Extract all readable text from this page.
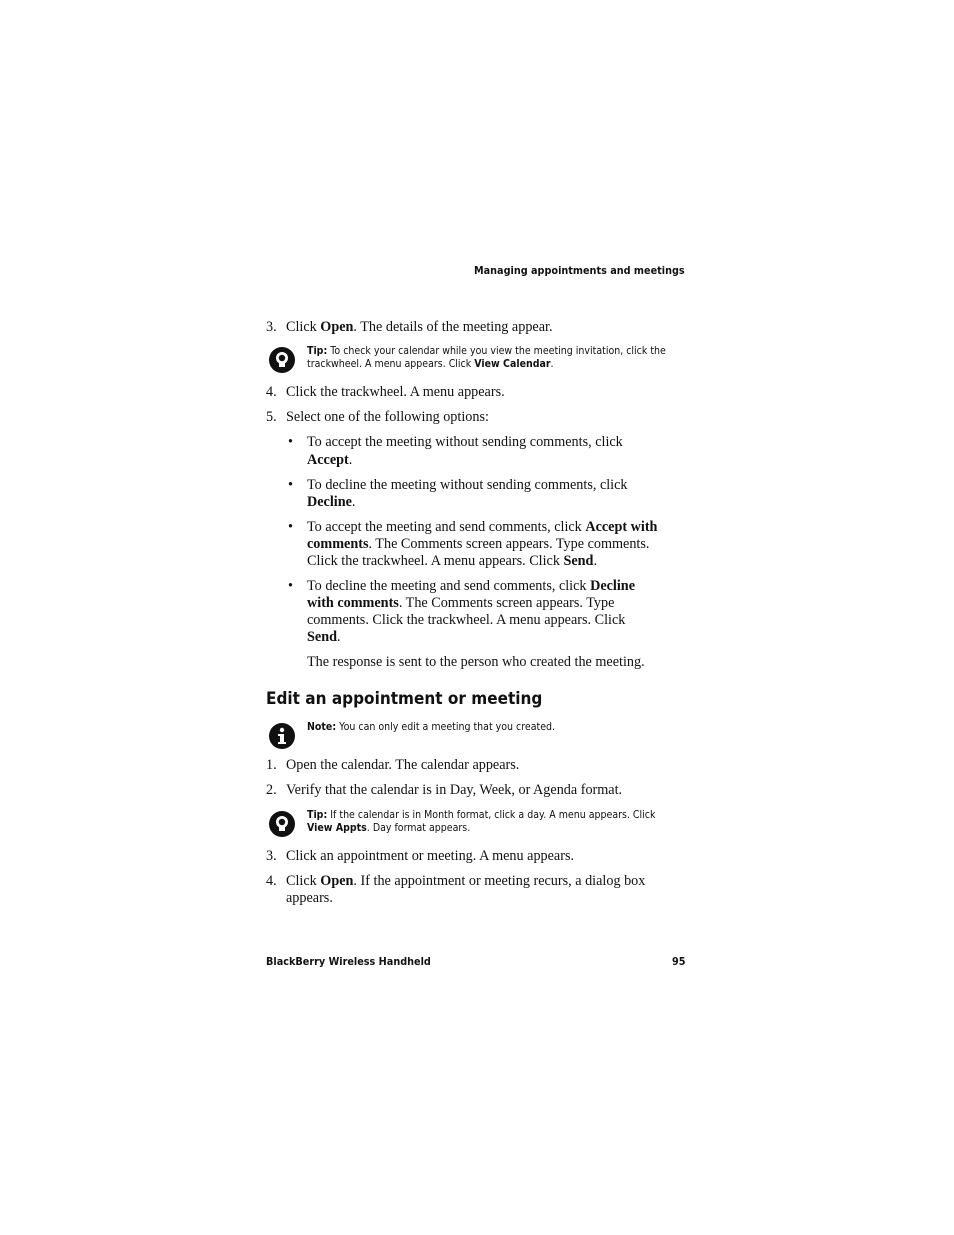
Managing appointments and meetings
3. Click Open. The details of the meeting appear.
Tip: To check your calendar while you view the meeting invitation, click the
trackwheel. A menu appears. Click View Calendar.
4. Click the trackwheel. A menu appears.
5. Select one of the following options:
• To accept the meeting without sending comments, click
Accept.
• To decline the meeting without sending comments, click
Decline.
• To accept the meeting and send comments, click Accept with
comments. The Comments screen appears. Type comments.
Click the trackwheel. A menu appears. Click Send.
• To decline the meeting and send comments, click Decline
with comments. The Comments screen appears. Type
comments. Click the trackwheel. A menu appears. Click
Send.
The response is sent to the person who created the meeting.
Edit an appointment or meeting
Note: You can only edit a meeting that you created.
1. Open the calendar. The calendar appears.
2. Verify that the calendar is in Day, Week, or Agenda format.
Tip: If the calendar is in Month format, click a day. A menu appears. Click
View Appts. Day format appears.
3. Click an appointment or meeting. A menu appears.
4. Click Open. If the appointment or meeting recurs, a dialog box
appears.
BlackBerry Wireless Handheld	95
